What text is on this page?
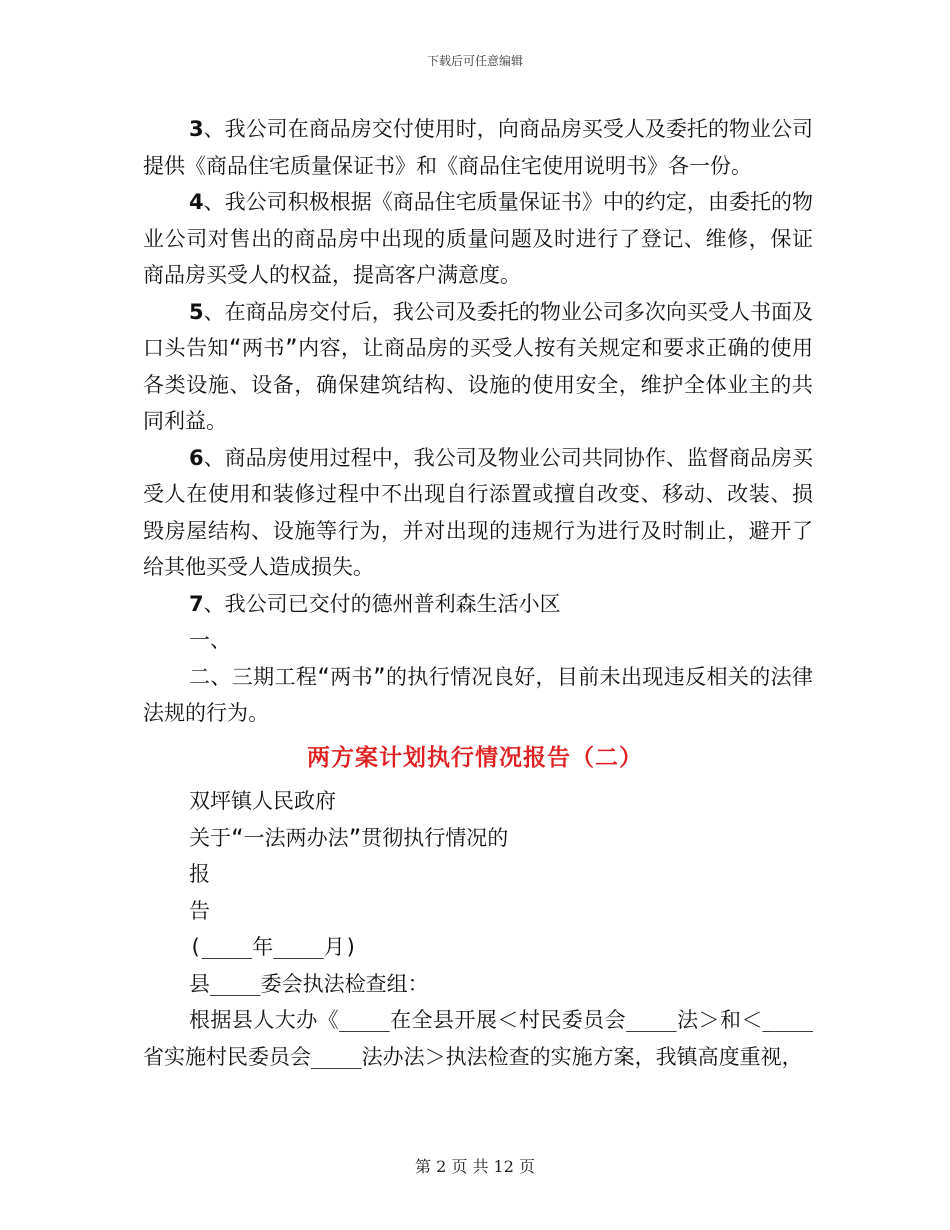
下载后可任意编辑

3、我公司在商品房交付使用时，向商品房买受人及委托的物业公司提供《商品住宅质量保证书》和《商品住宅使用说明书》各一份。

4、我公司积极根据《商品住宅质量保证书》中的约定，由委托的物业公司对售出的商品房中出现的质量问题及时进行了登记、维修，保证商品房买受人的权益，提高客户满意度。

5、在商品房交付后，我公司及委托的物业公司多次向买受人书面及口头告知“两书”内容，让商品房的买受人按有关规定和要求正确的使用各类设施、设备，确保建筑结构、设施的使用安全，维护全体业主的共同利益。

6、商品房使用过程中，我公司及物业公司共同协作、监督商品房买受人在使用和装修过程中不出现自行添置或擅自改变、移动、改装、损毁房屋结构、设施等行为，并对出现的违规行为进行及时制止，避开了给其他买受人造成损失。

7、我公司已交付的德州普利森生活小区

一、

二、三期工程“两书”的执行情况良好，目前未出现违反相关的法律法规的行为。

两方案计划执行情况报告（二）

双坪镇人民政府

关于“一法两办法”贯彻执行情况的

报

告

(____年____月)

县____委会执法检查组：

根据县人大办《____在全县开展＜村民委员会____法＞和＜____省实施村民委员会____法办法＞执法检查的实施方案，我镇高度重视，

第 2 页 共 12 页
